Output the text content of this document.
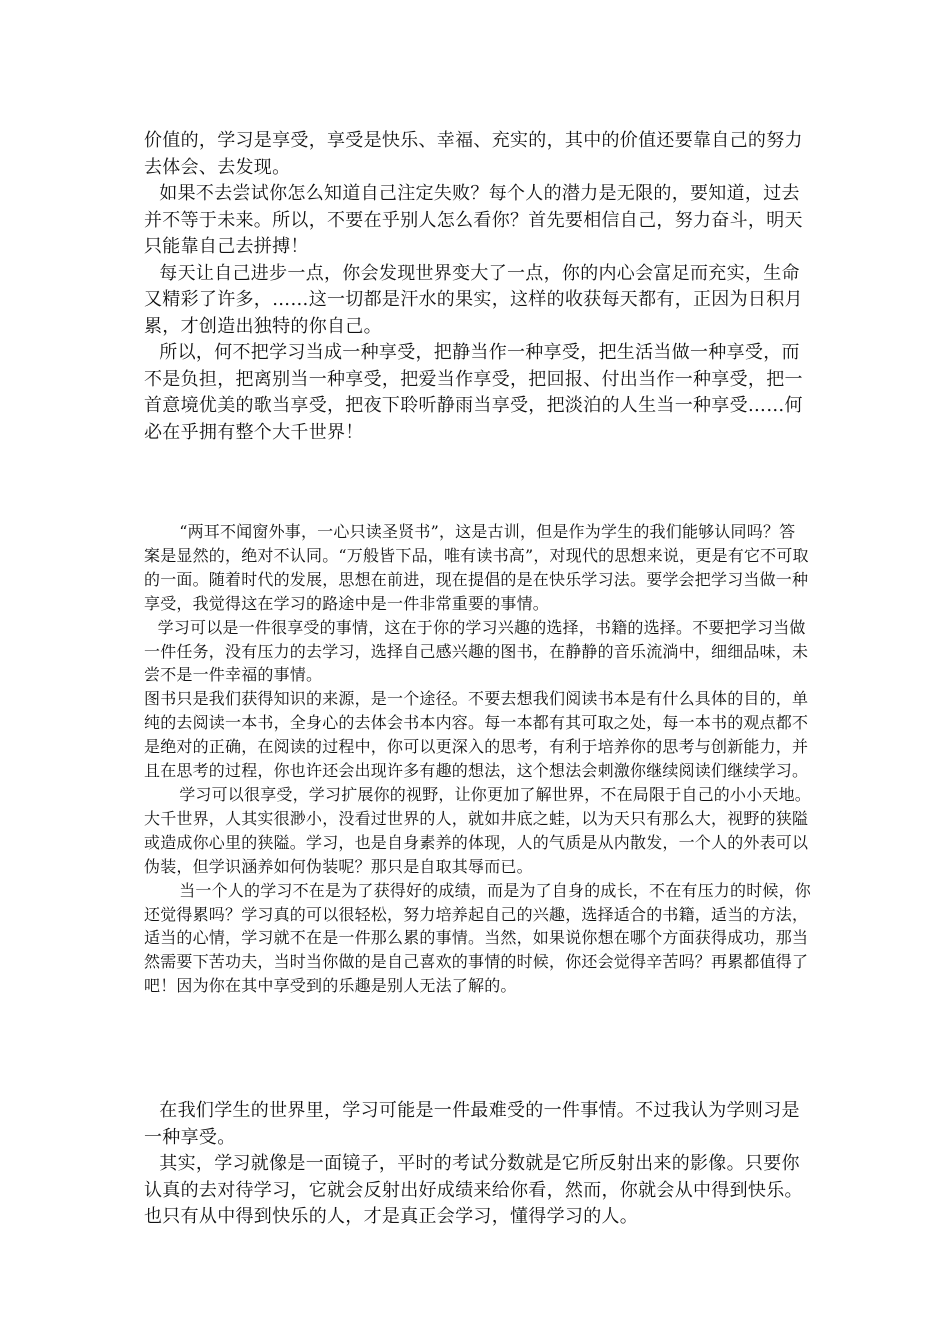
价值的，学习是享受，享受是快乐、幸福、充实的，其中的价值还要靠自己的努力去体会、去发现。

如果不去尝试你怎么知道自己注定失败？每个人的潜力是无限的，要知道，过去并不等于未来。所以，不要在乎别人怎么看你？首先要相信自己，努力奋斗，明天只能靠自己去拼搏！

每天让自己进步一点，你会发现世界变大了一点，你的内心会富足而充实，生命又精彩了许多，……这一切都是汗水的果实，这样的收获每天都有，正因为日积月累，才创造出独特的你自己。

所以，何不把学习当成一种享受，把静当作一种享受，把生活当做一种享受，而不是负担，把离别当一种享受，把爱当作享受，把回报、付出当作一种享受，把一首意境优美的歌当享受，把夜下聆听静雨当享受，把淡泊的人生当一种享受……何必在乎拥有整个大千世界！

“两耳不闻窗外事，一心只读圣贤书”，这是古训，但是作为学生的我们能够认同吗？答案是显然的，绝对不认同。“万般皆下品，唯有读书高”，对现代的思想来说，更是有它不可取的一面。随着时代的发展，思想在前进，现在提倡的是在快乐学习法。要学会把学习当做一种享受，我觉得这在学习的路途中是一件非常重要的事情。

学习可以是一件很享受的事情，这在于你的学习兴趣的选择，书籍的选择。不要把学习当做一件任务，没有压力的去学习，选择自己感兴趣的图书，在静静的音乐流淌中，细细品味，未尝不是一件幸福的事情。

图书只是我们获得知识的来源，是一个途径。不要去想我们阅读书本是有什么具体的目的，单纯的去阅读一本书，全身心的去体会书本内容。每一本都有其可取之处，每一本书的观点都不是绝对的正确，在阅读的过程中，你可以更深入的思考，有利于培养你的思考与创新能力，并且在思考的过程，你也许还会出现许多有趣的想法，这个想法会刺激你继续阅读们继续学习。

学习可以很享受，学习扩展你的视野，让你更加了解世界，不在局限于自己的小小天地。大千世界，人其实很渺小，没看过世界的人，就如井底之蛙，以为天只有那么大，视野的狭隘或造成你心里的狭隘。学习，也是自身素养的体现，人的气质是从内散发，一个人的外表可以伪装，但学识涵养如何伪装呢？那只是自取其辱而已。

当一个人的学习不在是为了获得好的成绩，而是为了自身的成长，不在有压力的时候，你还觉得累吗？学习真的可以很轻松，努力培养起自己的兴趣，选择适合的书籍，适当的方法，适当的心情，学习就不在是一件那么累的事情。当然，如果说你想在哪个方面获得成功，那当然需要下苦功夫，当时当你做的是自己喜欢的事情的时候，你还会觉得辛苦吗？再累都值得了吧！因为你在其中享受到的乐趣是别人无法了解的。

在我们学生的世界里，学习可能是一件最难受的一件事情。不过我认为学则习是一种享受。

其实，学习就像是一面镜子，平时的考试分数就是它所反射出来的影像。只要你认真的去对待学习，它就会反射出好成绩来给你看，然而，你就会从中得到快乐。也只有从中得到快乐的人，才是真正会学习，懂得学习的人。
